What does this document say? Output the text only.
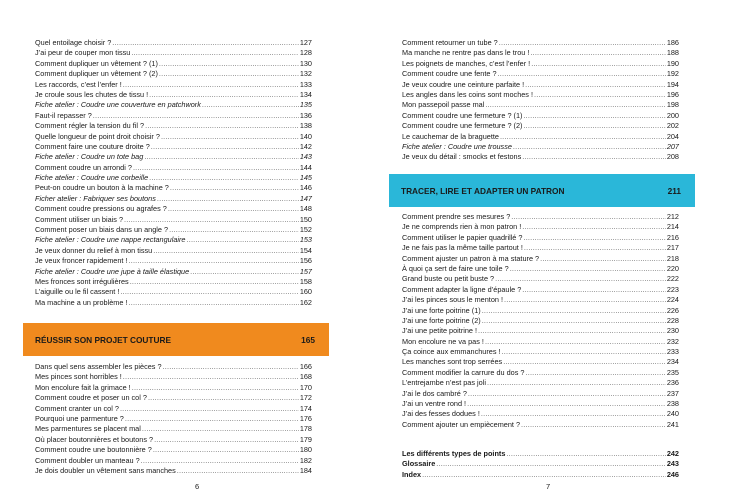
Quel entoilage choisir ? .....	127
J’ai peur de couper mon tissu .....	128
Comment dupliquer un vêtement ? (1) .....	130
Comment dupliquer un vêtement ? (2) .....	132
Les raccords, c’est l’enfer ! .....	133
Je croule sous les chutes de tissu ! .....	134
Fiche atelier : Coudre une couverture en patchwork .....	135
Faut-il repasser ? .....	136
Comment régler la tension du fil ? .....	138
Quelle longueur de point droit choisir ? .....	140
Comment faire une couture droite ? .....	142
Fiche atelier : Coudre un tote bag .....	143
Comment coudre un arrondi ? .....	144
Fiche atelier : Coudre une corbeille .....	145
Peut-on coudre un bouton à la machine ? .....	146
Ficher atelier : Fabriquer ses boutons .....	147
Comment coudre pressions ou agrafes ? .....	148
Comment utiliser un biais ? .....	150
Comment poser un biais dans un angle ? .....	152
Fiche atelier : Coudre une nappe rectangulaire .....	153
Je veux donner du relief à mon tissu .....	154
Je veux froncer rapidement ! .....	156
Fiche atelier : Coudre une jupe à taille élastique .....	157
Mes fronces sont irrégulières .....	158
L’aiguille ou le fil cassent ! .....	160
Ma machine a un problème ! .....	162
RÉUSSIR SON PROJET COUTURE	165
Dans quel sens assembler les pièces ? .....	166
Mes pinces sont horribles ! .....	168
Mon encolure fait la grimace ! .....	170
Comment coudre et poser un col ? .....	172
Comment cranter un col ? .....	174
Pourquoi une parmenture ? .....	176
Mes parmentures se placent mal .....	178
Où placer boutonnières et boutons ? .....	179
Comment coudre une boutonnière ? .....	180
Comment doubler un manteau ? .....	182
Je dois doubler un vêtement sans manches .....	184
6
Comment retourner un tube ? .....	186
Ma manche ne rentre pas dans le trou ! .....	188
Les poignets de manches, c’est l’enfer ! .....	190
Comment coudre une fente ? .....	192
Je veux coudre une ceinture parfaite ! .....	194
Les angles dans les coins sont moches ! .....	196
Mon passepoil passe mal .....	198
Comment coudre une fermeture ? (1) .....	200
Comment coudre une fermeture ? (2) .....	202
Le cauchemar de la braguette .....	204
Fiche atelier : Coudre une trousse .....	207
Je veux du détail : smocks et festons .....	208
TRACER, LIRE ET ADAPTER UN PATRON	211
Comment prendre ses mesures ? .....	212
Je ne comprends rien à mon patron ! .....	214
Comment utiliser le papier quadrillé ? .....	216
Je ne fais pas la même taille partout ! .....	217
Comment ajuster un patron à ma stature ? .....	218
À quoi ça sert de faire une toile ? .....	220
Grand buste ou petit buste ? .....	222
Comment adapter la ligne d’épaule ? .....	223
J’ai les pinces sous le menton ! .....	224
J’ai une forte poitrine (1) .....	226
J’ai une forte poitrine (2) .....	228
J’ai une petite poitrine ! .....	230
Mon encolure ne va pas ! .....	232
Ça coince aux emmanchures ! .....	233
Les manches sont trop serrées .....	234
Comment modifier la carrure du dos ? .....	235
L’entrejambe n’est pas joli .....	236
J’ai le dos cambré ? .....	237
J’ai un ventre rond ! .....	238
J’ai des fesses dodues ! .....	240
Comment ajouter un empiècement ? .....	241
Les différents types de points .....	242
Glossaire .....	243
Index .....	246
7
